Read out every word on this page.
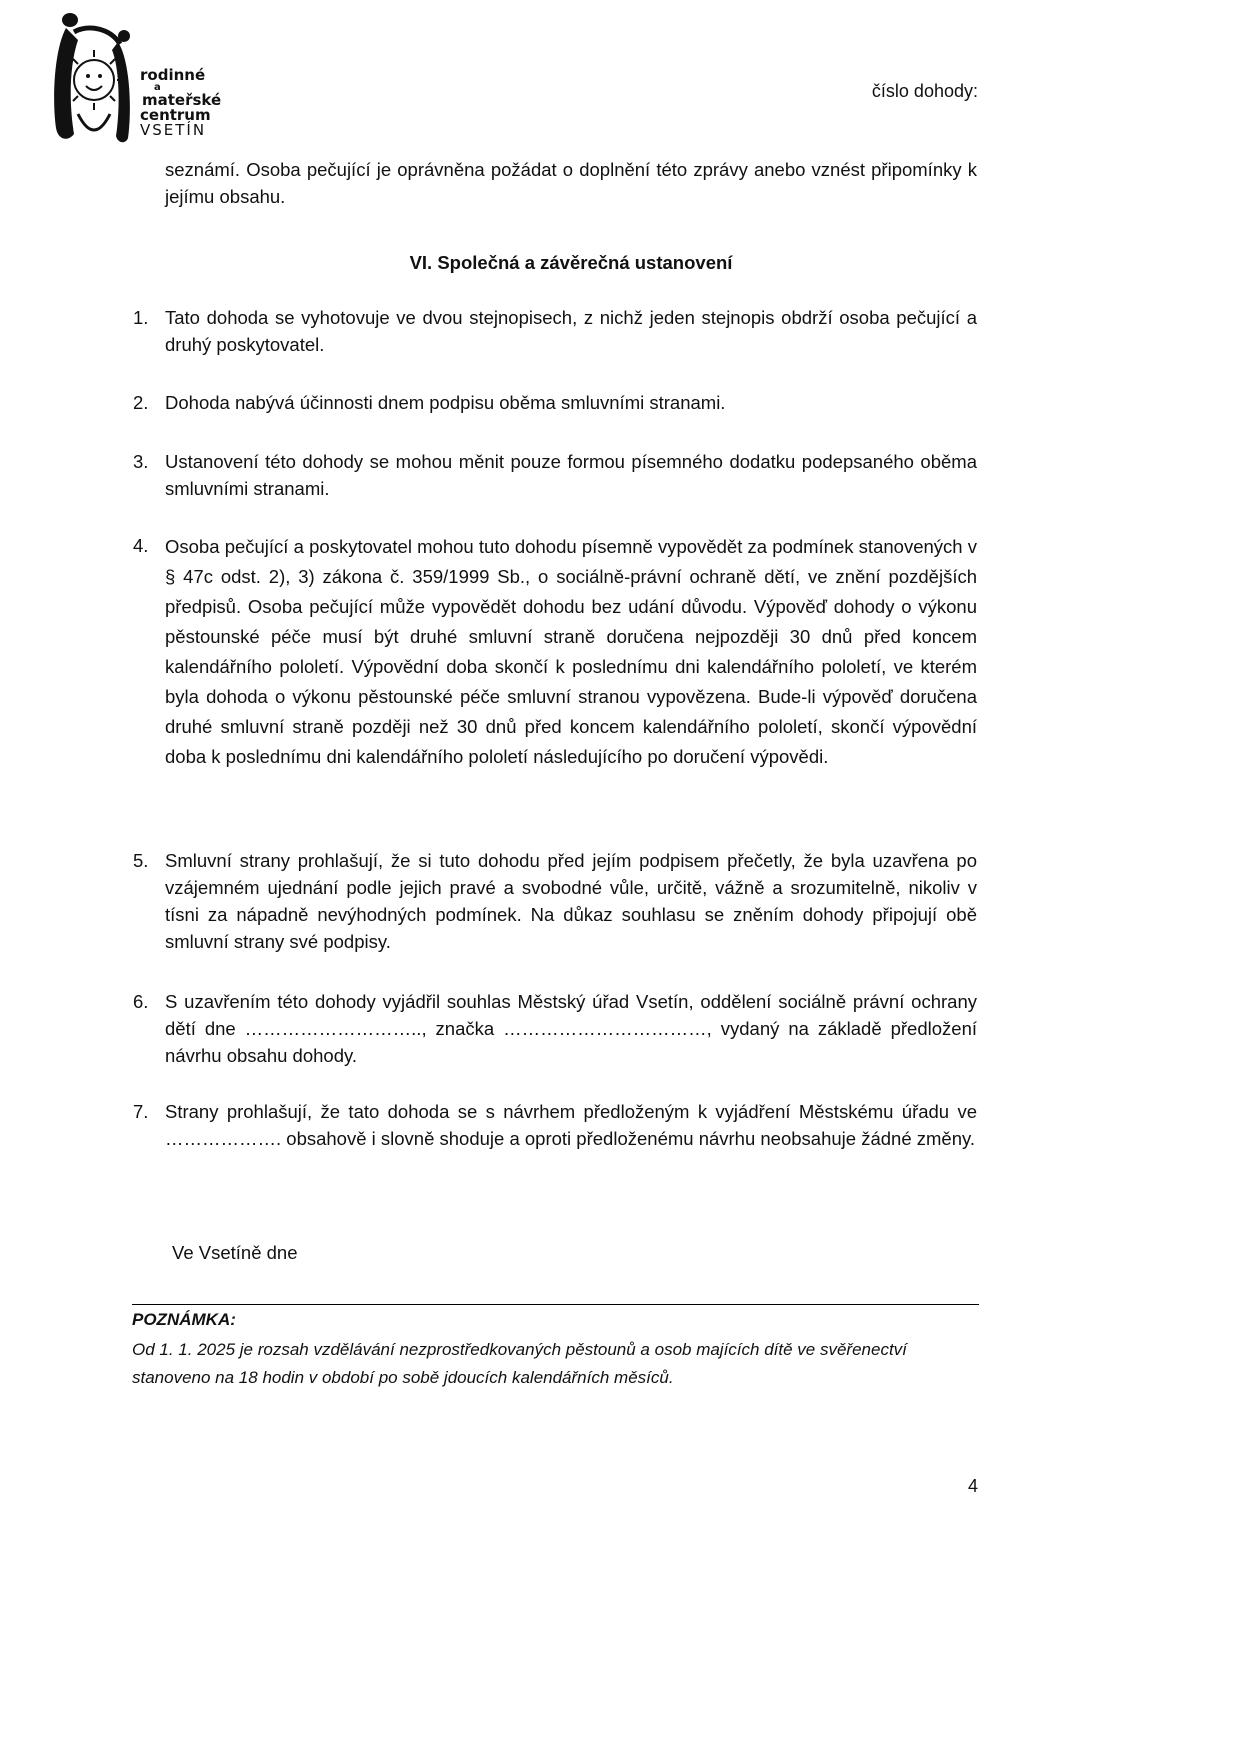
rodinné
a
mateřské
centrum
VSETÍN
číslo dohody:
seznámí. Osoba pečující je oprávněna požádat o doplnění této zprávy anebo vznést připomínky k jejímu obsahu.
VI. Společná a závěrečná ustanovení
1. Tato dohoda se vyhotovuje ve dvou stejnopisech, z nichž jeden stejnopis obdrží osoba pečující a druhý poskytovatel.
2. Dohoda nabývá účinnosti dnem podpisu oběma smluvními stranami.
3. Ustanovení této dohody se mohou měnit pouze formou písemného dodatku podepsaného oběma smluvními stranami.
4. Osoba pečující a poskytovatel mohou tuto dohodu písemně vypovědět za podmínek stanovených v § 47c odst. 2), 3) zákona č. 359/1999 Sb., o sociálně-právní ochraně dětí, ve znění pozdějších předpisů. Osoba pečující může vypovědět dohodu bez udání důvodu. Výpověď dohody o výkonu pěstounské péče musí být druhé smluvní straně doručena nejpozději 30 dnů před koncem kalendářního pololetí. Výpovědní doba skončí k poslednímu dni kalendářního pololetí, ve kterém byla dohoda o výkonu pěstounské péče smluvní stranou vypovězena. Bude-li výpověď doručena druhé smluvní straně později než 30 dnů před koncem kalendářního pololetí, skončí výpovědní doba k poslednímu dni kalendářního pololetí následujícího po doručení výpovědi.
5. Smluvní strany prohlašují, že si tuto dohodu před jejím podpisem přečetly, že byla uzavřena po vzájemném ujednání podle jejich pravé a svobodné vůle, určitě, vážně a srozumitelně, nikoliv v tísni za nápadně nevýhodných podmínek. Na důkaz souhlasu se zněním dohody připojují obě smluvní strany své podpisy.
6. S uzavřením této dohody vyjádřil souhlas Městský úřad Vsetín, oddělení sociálně právní ochrany dětí dne ……………………….., značka ……………………………, vydaný na základě předložení návrhu obsahu dohody.
7. Strany prohlašují, že tato dohoda se s návrhem předloženým k vyjádření Městskému úřadu ve ………………. obsahově i slovně shoduje a oproti předloženému návrhu neobsahuje žádné změny.
Ve Vsetíně dne
POZNÁMKA:
Od 1. 1. 2025 je rozsah vzdělávání nezprostředkovaných pěstounů a osob majících dítě ve svěřenectví stanoveno na 18 hodin v období po sobě jdoucích kalendářních měsíců.
4
